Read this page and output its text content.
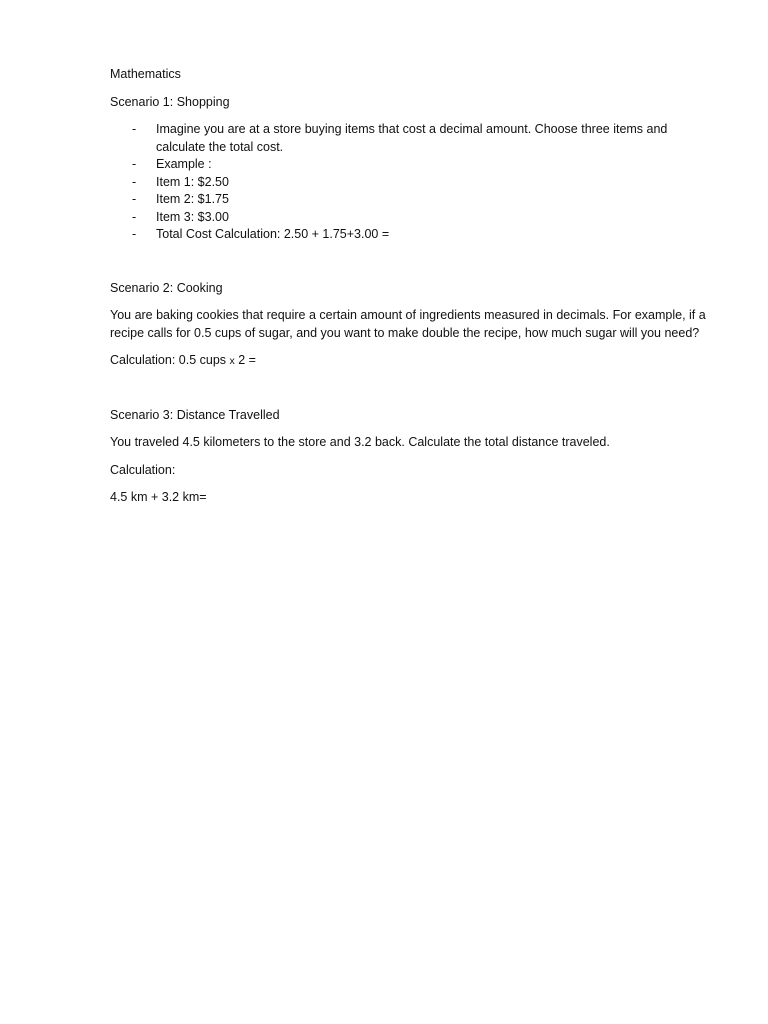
Mathematics

Scenario 1: Shopping

-	Imagine you are at a store buying items that cost a decimal amount. Choose three items and calculate the total cost.
-	Example :
-	Item 1: $2.50
-	Item 2: $1.75
-	Item 3: $3.00
-	Total Cost Calculation: 2.50 + 1.75+3.00 =

Scenario 2: Cooking

You are baking cookies that require a certain amount of ingredients measured in decimals. For example, if a recipe calls for 0.5 cups of sugar, and you want to make double the recipe, how much sugar will you need?

Calculation: 0.5 cups x 2 =

Scenario 3: Distance Travelled

You traveled 4.5 kilometers to the store and 3.2 back. Calculate the total distance traveled.

Calculation:

4.5 km + 3.2 km=
